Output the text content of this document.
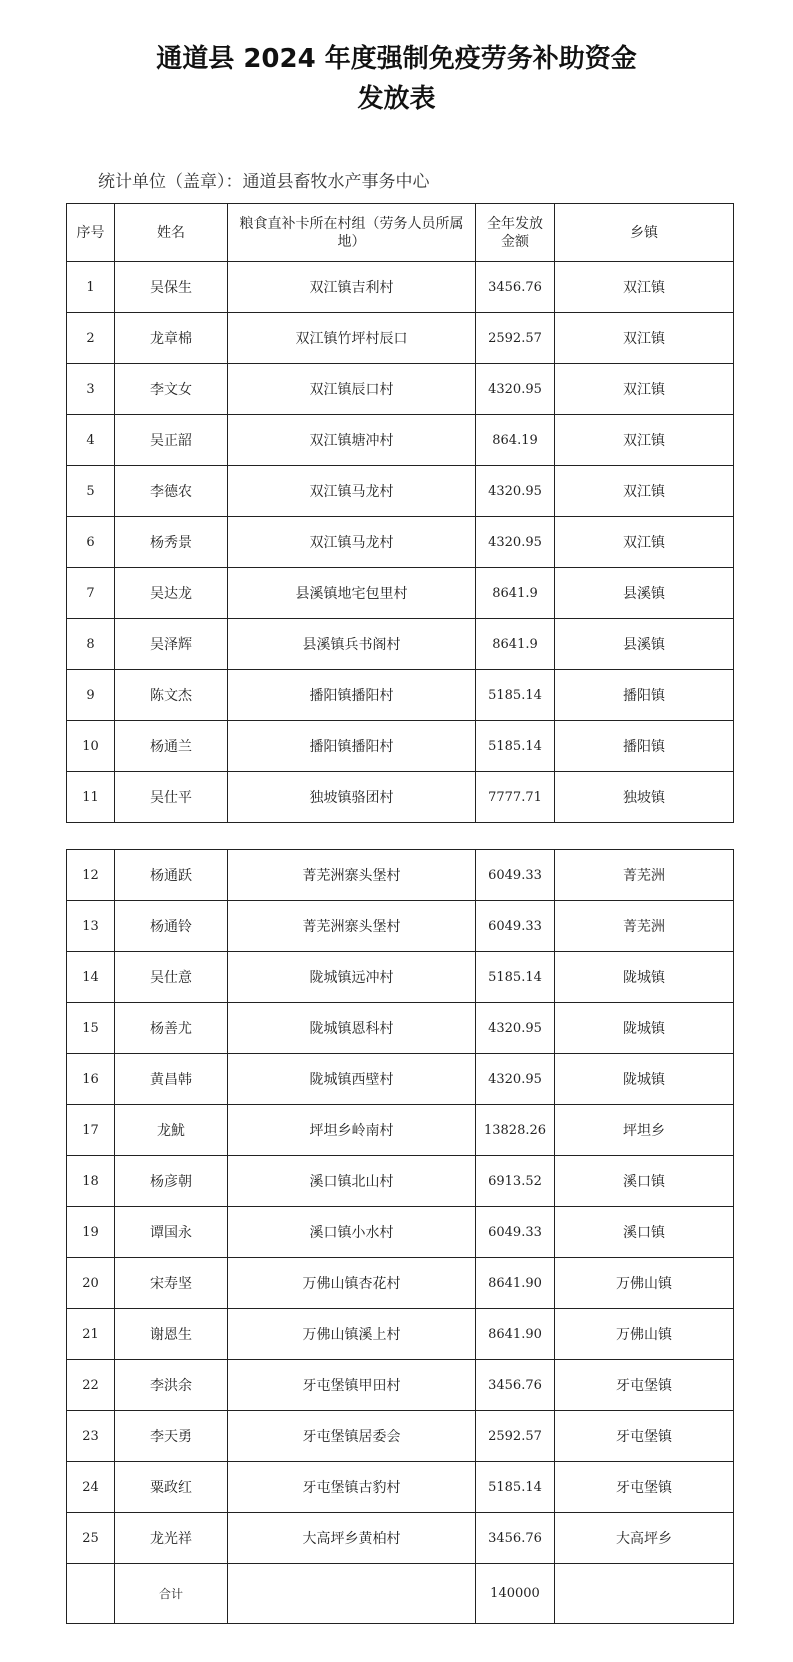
通道县 2024 年度强制免疫劳务补助资金
发放表
统计单位（盖章）：通道县畜牧水产事务中心
序号	姓名	粮食直补卡所在村组（劳务人员所属地）	全年发放金额	乡镇
1	吴保生	双江镇吉利村	3456.76	双江镇
2	龙章棉	双江镇竹坪村辰口	2592.57	双江镇
3	李文女	双江镇辰口村	4320.95	双江镇
4	吴正韶	双江镇塘冲村	864.19	双江镇
5	李德农	双江镇马龙村	4320.95	双江镇
6	杨秀景	双江镇马龙村	4320.95	双江镇
7	吴达龙	县溪镇地宅包里村	8641.9	县溪镇
8	吴泽辉	县溪镇兵书阁村	8641.9	县溪镇
9	陈文杰	播阳镇播阳村	5185.14	播阳镇
10	杨通兰	播阳镇播阳村	5185.14	播阳镇
11	吴仕平	独坡镇骆团村	7777.71	独坡镇
12	杨通跃	菁芜洲寨头堡村	6049.33	菁芜洲
13	杨通铃	菁芜洲寨头堡村	6049.33	菁芜洲
14	吴仕意	陇城镇远冲村	5185.14	陇城镇
15	杨善尤	陇城镇恩科村	4320.95	陇城镇
16	黄昌韩	陇城镇西壁村	4320.95	陇城镇
17	龙魷	坪坦乡岭南村	13828.26	坪坦乡
18	杨彦朝	溪口镇北山村	6913.52	溪口镇
19	谭国永	溪口镇小水村	6049.33	溪口镇
20	宋寿坚	万佛山镇杏花村	8641.90	万佛山镇
21	谢恩生	万佛山镇溪上村	8641.90	万佛山镇
22	李洪余	牙屯堡镇甲田村	3456.76	牙屯堡镇
23	李天勇	牙屯堡镇居委会	2592.57	牙屯堡镇
24	粟政红	牙屯堡镇古豹村	5185.14	牙屯堡镇
25	龙光祥	大高坪乡黄柏村	3456.76	大高坪乡
	合计		140000	
